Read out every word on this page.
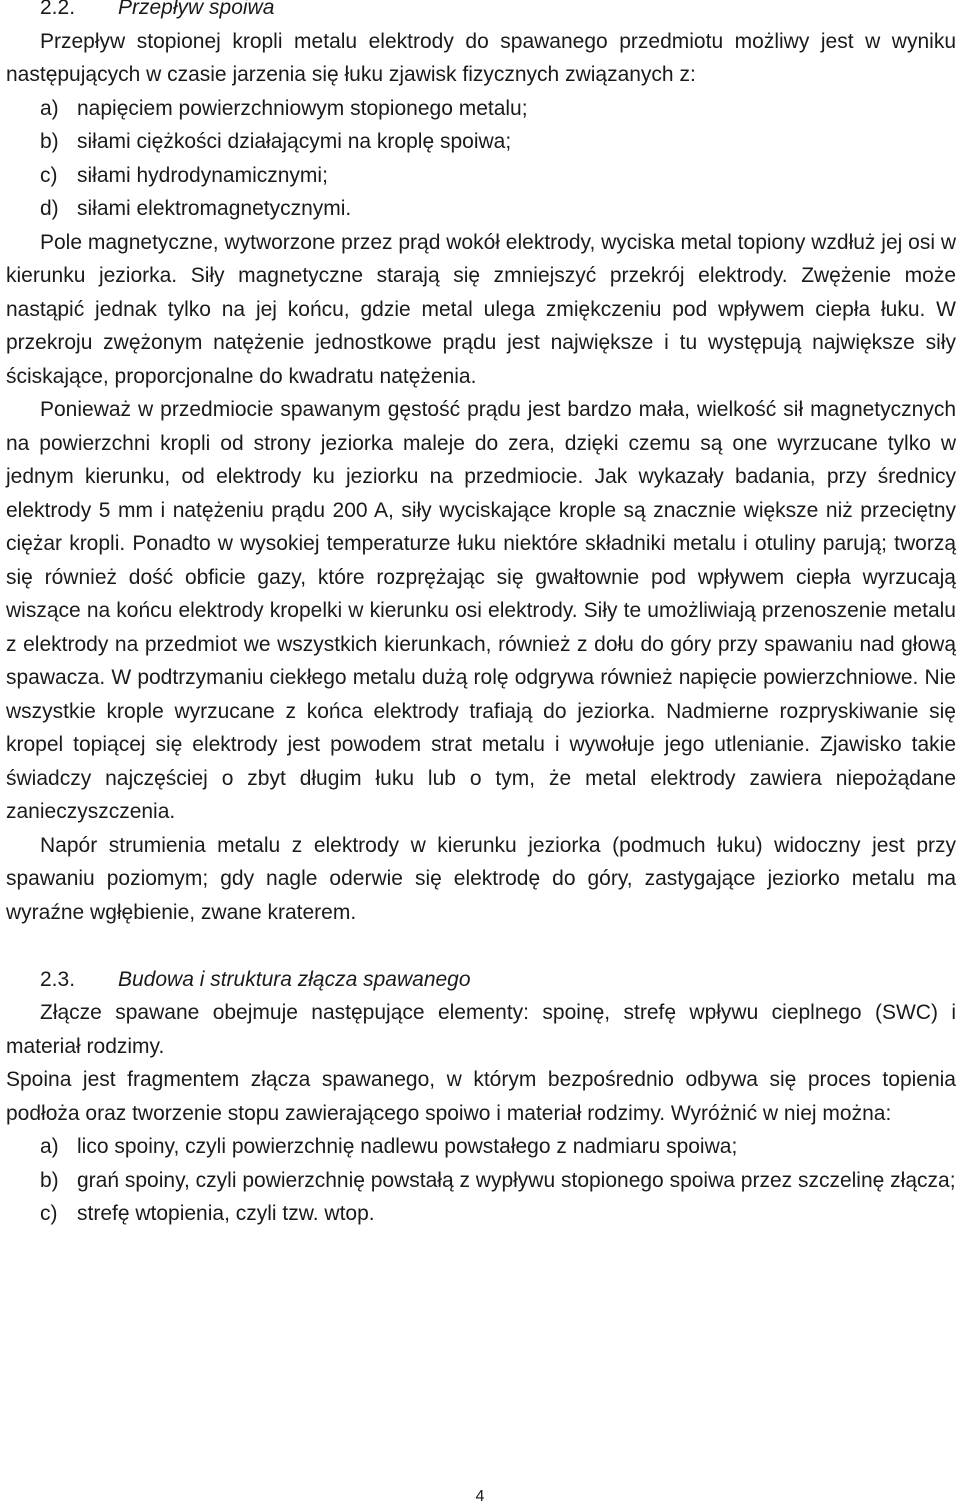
2.2. Przepływ spoiwa

Przepływ stopionej kropli metalu elektrody do spawanego przedmiotu możliwy jest w wyniku następujących w czasie jarzenia się łuku zjawisk fizycznych związanych z:

a) napięciem powierzchniowym stopionego metalu;
b) siłami ciężkości działającymi na kroplę spoiwa;
c) siłami hydrodynamicznymi;
d) siłami elektromagnetycznymi.

Pole magnetyczne, wytworzone przez prąd wokół elektrody, wyciska metal topiony wzdłuż jej osi w kierunku jeziorka. Siły magnetyczne starają się zmniejszyć przekrój elektrody. Zwężenie może nastąpić jednak tylko na jej końcu, gdzie metal ulega zmiękczeniu pod wpływem ciepła łuku. W przekroju zwężonym natężenie jednostkowe prądu jest największe i tu występują największe siły ściskające, proporcjonalne do kwadratu natężenia.

Ponieważ w przedmiocie spawanym gęstość prądu jest bardzo mała, wielkość sił magnetycznych na powierzchni kropli od strony jeziorka maleje do zera, dzięki czemu są one wyrzucane tylko w jednym kierunku, od elektrody ku jeziorku na przedmiocie. Jak wykazały badania, przy średnicy elektrody 5 mm i natężeniu prądu 200 A, siły wyciskające krople są znacznie większe niż przeciętny ciężar kropli. Ponadto w wysokiej temperaturze łuku niektóre składniki metalu i otuliny parują; tworzą się również dość obficie gazy, które rozprężając się gwałtownie pod wpływem ciepła wyrzucają wiszące na końcu elektrody kropelki w kierunku osi elektrody. Siły te umożliwiają przenoszenie metalu z elektrody na przedmiot we wszystkich kierunkach, również z dołu do góry przy spawaniu nad głową spawacza. W podtrzymaniu ciekłego metalu dużą rolę odgrywa również napięcie powierzchniowe. Nie wszystkie krople wyrzucane z końca elektrody trafiają do jeziorka. Nadmierne rozpryskiwanie się kropel topiącej się elektrody jest powodem strat metalu i wywołuje jego utlenianie. Zjawisko takie świadczy najczęściej o zbyt długim łuku lub o tym, że metal elektrody zawiera niepożądane zanieczyszczenia.

Napór strumienia metalu z elektrody w kierunku jeziorka (podmuch łuku) widoczny jest przy spawaniu poziomym; gdy nagle oderwie się elektrodę do góry, zastygające jeziorko metalu ma wyraźne wgłębienie, zwane kraterem.

2.3. Budowa i struktura złącza spawanego

Złącze spawane obejmuje następujące elementy: spoinę, strefę wpływu cieplnego (SWC) i materiał rodzimy.

Spoina jest fragmentem złącza spawanego, w którym bezpośrednio odbywa się proces topienia podłoża oraz tworzenie stopu zawierającego spoiwo i materiał rodzimy. Wyróżnić w niej można:

a) lico spoiny, czyli powierzchnię nadlewu powstałego z nadmiaru spoiwa;
b) grań spoiny, czyli powierzchnię powstałą z wypływu stopionego spoiwa przez szczelinę złącza;
c) strefę wtopienia, czyli tzw. wtop.
4
